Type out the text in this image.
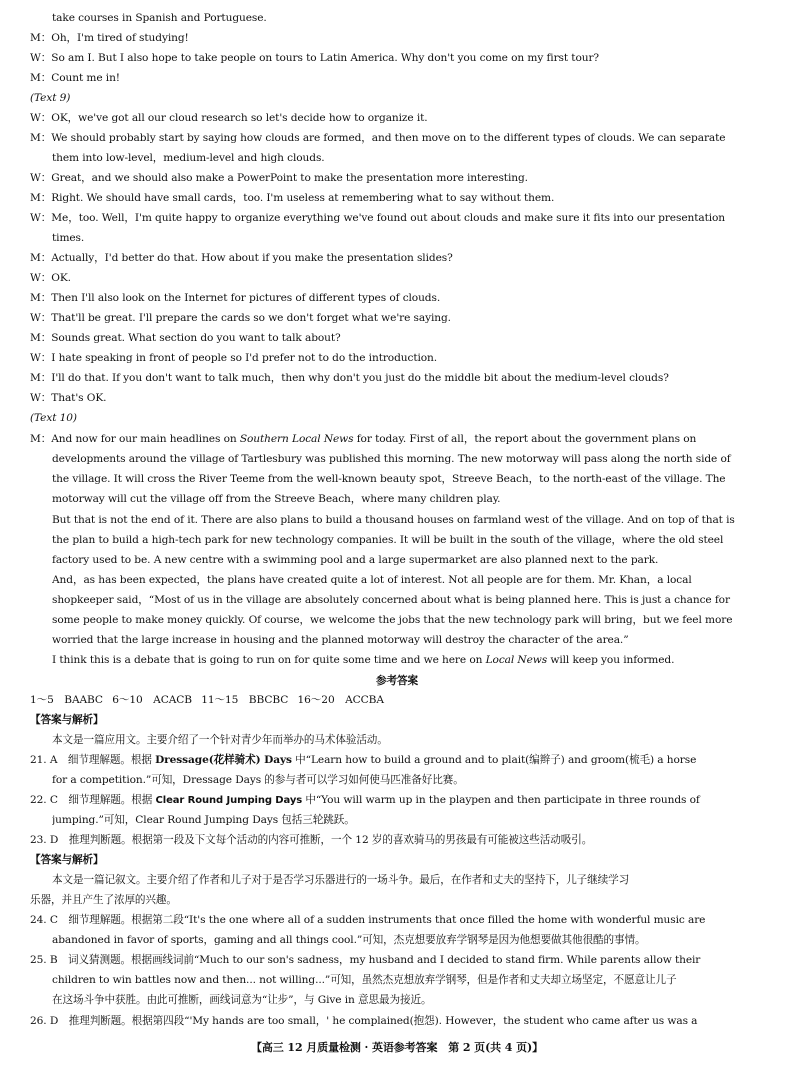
take courses in Spanish and Portuguese.
M：Oh，I'm tired of studying!
W：So am I. But I also hope to take people on tours to Latin America. Why don't you come on my first tour?
M：Count me in!
(Text 9)
W：OK，we've got all our cloud research so let's decide how to organize it.
M：We should probably start by saying how clouds are formed，and then move on to the different types of clouds. We can separate
them into low-level，medium-level and high clouds.
W：Great，and we should also make a PowerPoint to make the presentation more interesting.
M：Right. We should have small cards，too. I'm useless at remembering what to say without them.
W：Me，too. Well，I'm quite happy to organize everything we've found out about clouds and make sure it fits into our presentation
times.
M：Actually，I'd better do that. How about if you make the presentation slides?
W：OK.
M：Then I'll also look on the Internet for pictures of different types of clouds.
W：That'll be great. I'll prepare the cards so we don't forget what we're saying.
M：Sounds great. What section do you want to talk about?
W：I hate speaking in front of people so I'd prefer not to do the introduction.
M：I'll do that. If you don't want to talk much，then why don't you just do the middle bit about the medium-level clouds?
W：That's OK.
(Text 10)
M：And now for our main headlines on Southern Local News for today. First of all，the report about the government plans on
developments around the village of Tartlesbury was published this morning. The new motorway will pass along the north side of
the village. It will cross the River Teeme from the well-known beauty spot，Streeve Beach，to the north-east of the village. The
motorway will cut the village off from the Streeve Beach，where many children play.
But that is not the end of it. There are also plans to build a thousand houses on farmland west of the village. And on top of that is
the plan to build a high-tech park for new technology companies. It will be built in the south of the village，where the old steel
factory used to be. A new centre with a swimming pool and a large supermarket are also planned next to the park.
And，as has been expected，the plans have created quite a lot of interest. Not all people are for them. Mr. Khan，a local
shopkeeper said，“Most of us in the village are absolutely concerned about what is being planned here. This is just a chance for
some people to make money quickly. Of course，we welcome the jobs that the new technology park will bring，but we feel more
worried that the large increase in housing and the planned motorway will destroy the character of the area.”
I think this is a debate that is going to run on for quite some time and we here on Local News will keep you informed.
参考答案
1～5　BAABC 6～10　ACACB 11～15　BBCBC 16～20　ACCBA
【答案与解析】
本文是一篇应用文。主要介绍了一个针对青少年而举办的马术体验活动。
21. A　细节理解题。根据 Dressage(花样骑术) Days 中“Learn how to build a ground and to plait(编辫子) and groom(梳毛) a horse
for a competition.”可知，Dressage Days 的参与者可以学习如何使马匹准备好比赛。
22. C　细节理解题。根据 Clear Round Jumping Days 中“You will warm up in the playpen and then participate in three rounds of
jumping.”可知，Clear Round Jumping Days 包括三轮跳跃。
23. D　推理判断题。根据第一段及下文每个活动的内容可推断，一个 12 岁的喜欢骑马的男孩最有可能被这些活动吸引。
【答案与解析】
本文是一篇记叙文。主要介绍了作者和儿子对于是否学习乐器进行的一场斗争。最后，在作者和丈夫的坚持下，儿子继续学习
乐器，并且产生了浓厚的兴趣。
24. C　细节理解题。根据第二段“It's the one where all of a sudden instruments that once filled the home with wonderful music are
abandoned in favor of sports，gaming and all things cool.”可知，杰克想要放弃学钢琴是因为他想要做其他很酷的事情。
25. B　词义猜测题。根据画线词前“Much to our son's sadness，my husband and I decided to stand firm. While parents allow their
children to win battles now and then... not willing...”可知，虽然杰克想放弃学钢琴，但是作者和丈夫却立场坚定，不愿意让儿子
在这场斗争中获胜。由此可推断，画线词意为“让步”，与 Give in 意思最为接近。
26. D　推理判断题。根据第四段“'My hands are too small，' he complained(抱怨). However，the student who came after us was a
【高三 12 月质量检测 · 英语参考答案　第 2 页(共 4 页)】
